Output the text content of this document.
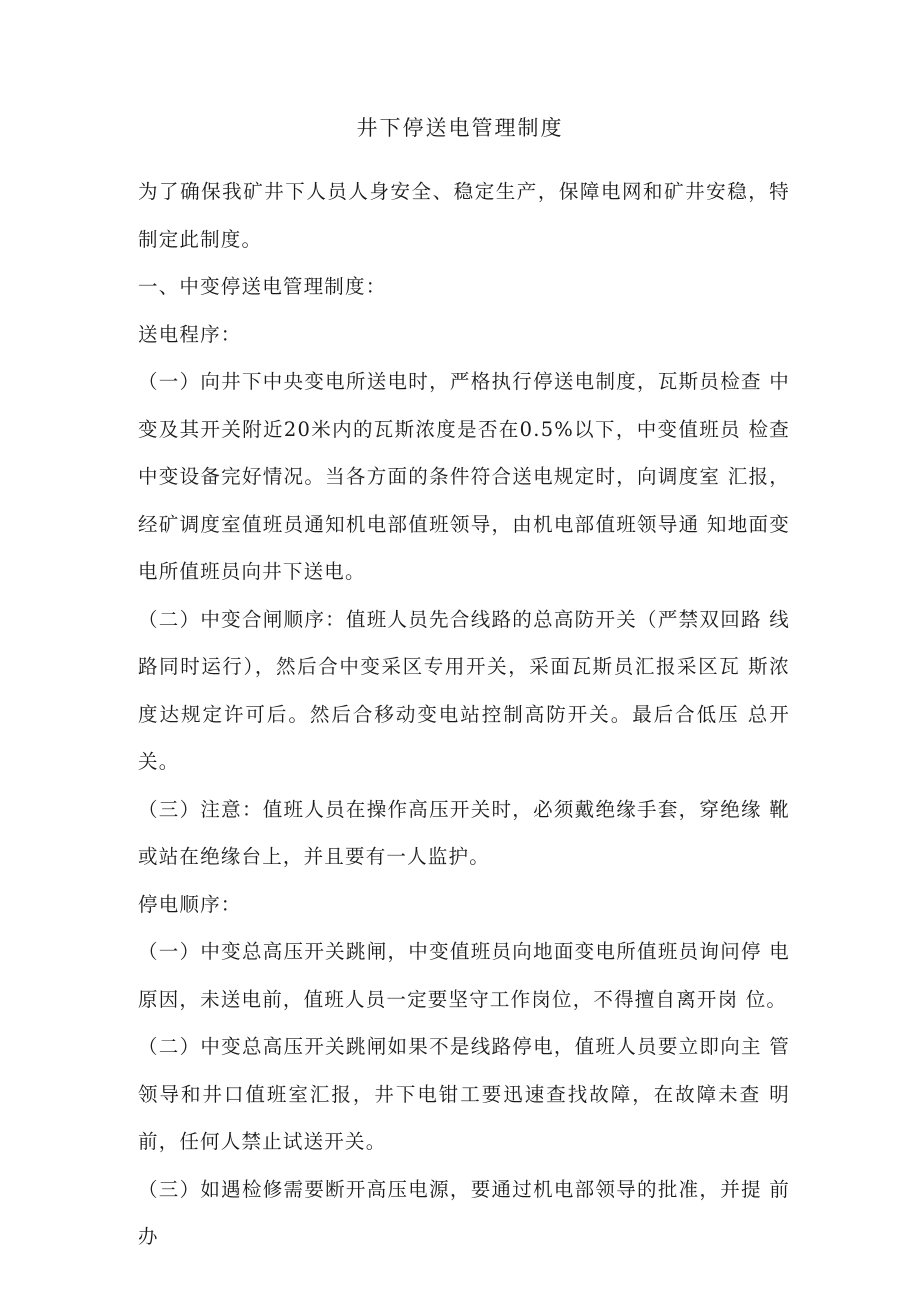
井下停送电管理制度

为了确保我矿井下人员人身安全、稳定生产，保障电网和矿井安稳，特制定此制度。

一、中变停送电管理制度：

送电程序：

（一）向井下中央变电所送电时，严格执行停送电制度，瓦斯员检查 中变及其开关附近20米内的瓦斯浓度是否在0.5%以下，中变值班员 检查中变设备完好情况。当各方面的条件符合送电规定时，向调度室 汇报，经矿调度室值班员通知机电部值班领导，由机电部值班领导通 知地面变电所值班员向井下送电。

（二）中变合闸顺序：值班人员先合线路的总高防开关（严禁双回路 线路同时运行），然后合中变采区专用开关，采面瓦斯员汇报采区瓦 斯浓度达规定许可后。然后合移动变电站控制高防开关。最后合低压 总开关。

（三）注意：值班人员在操作高压开关时，必须戴绝缘手套，穿绝缘 靴或站在绝缘台上，并且要有一人监护。

停电顺序：

（一）中变总高压开关跳闸，中变值班员向地面变电所值班员询问停 电原因，未送电前，值班人员一定要坚守工作岗位，不得擅自离开岗 位。

（二）中变总高压开关跳闸如果不是线路停电，值班人员要立即向主 管领导和井口值班室汇报，井下电钳工要迅速查找故障，在故障未查 明前，任何人禁止试送开关。

（三）如遇检修需要断开高压电源，要通过机电部领导的批准，并提 前办
